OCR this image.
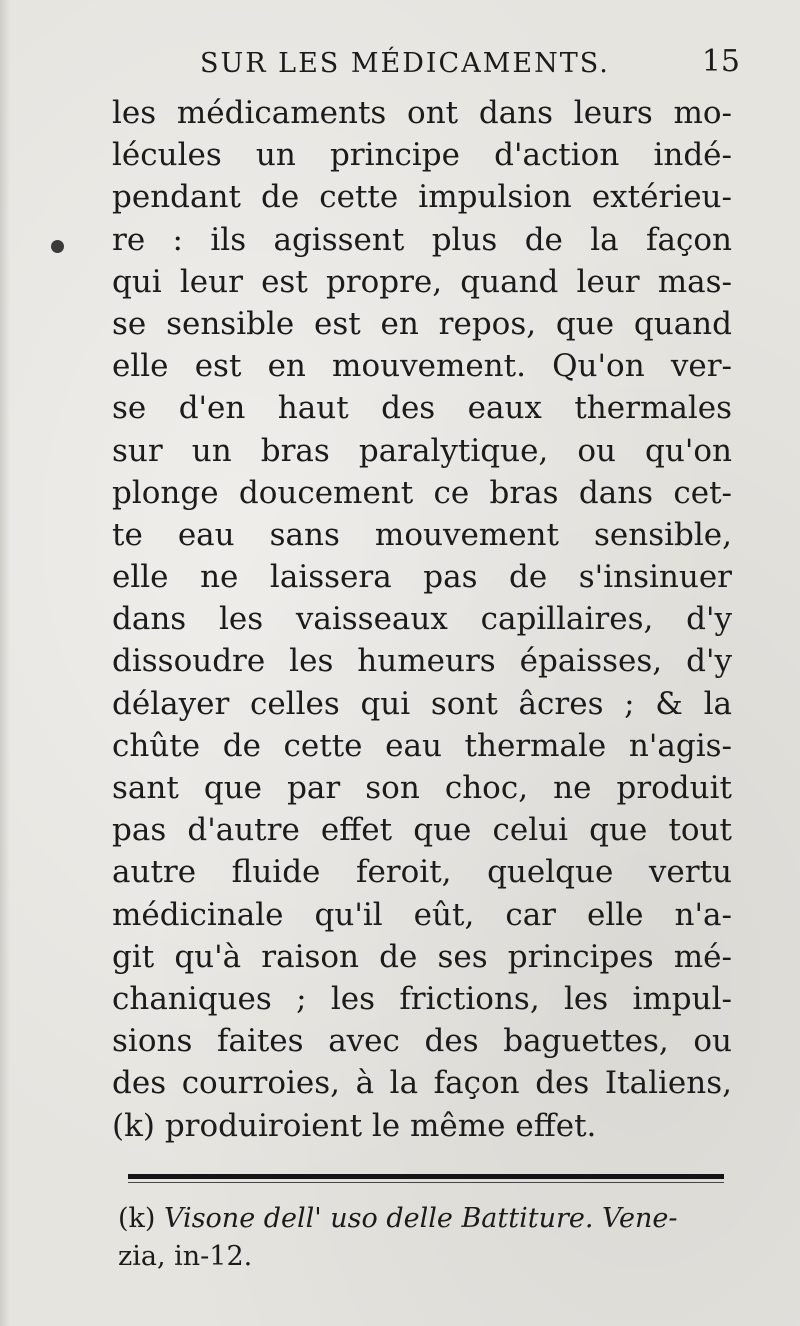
SUR LES MÉDICAMENTS.	15
les médicaments ont dans leurs mo-
lécules un principe d'action indé-
pendant de cette impulsion extérieu-
re : ils agissent plus de la façon
qui leur est propre, quand leur mas-
se sensible est en repos, que quand
elle est en mouvement. Qu'on ver-
se d'en haut des eaux thermales
sur un bras paralytique, ou qu'on
plonge doucement ce bras dans cet-
te eau sans mouvement sensible,
elle ne laissera pas de s'insinuer
dans les vaisseaux capillaires, d'y
dissoudre les humeurs épaisses, d'y
délayer celles qui sont âcres ; & la
chûte de cette eau thermale n'agis-
sant que par son choc, ne produit
pas d'autre effet que celui que tout
autre fluide feroit, quelque vertu
médicinale qu'il eût, car elle n'a-
git qu'à raison de ses principes mé-
chaniques ; les frictions, les impul-
sions faites avec des baguettes, ou
des courroies, à la façon des Italiens,
(k) produiroient le même effet.
(k) Visone dell' uso delle Battiture. Vene-
zia, in-12.
